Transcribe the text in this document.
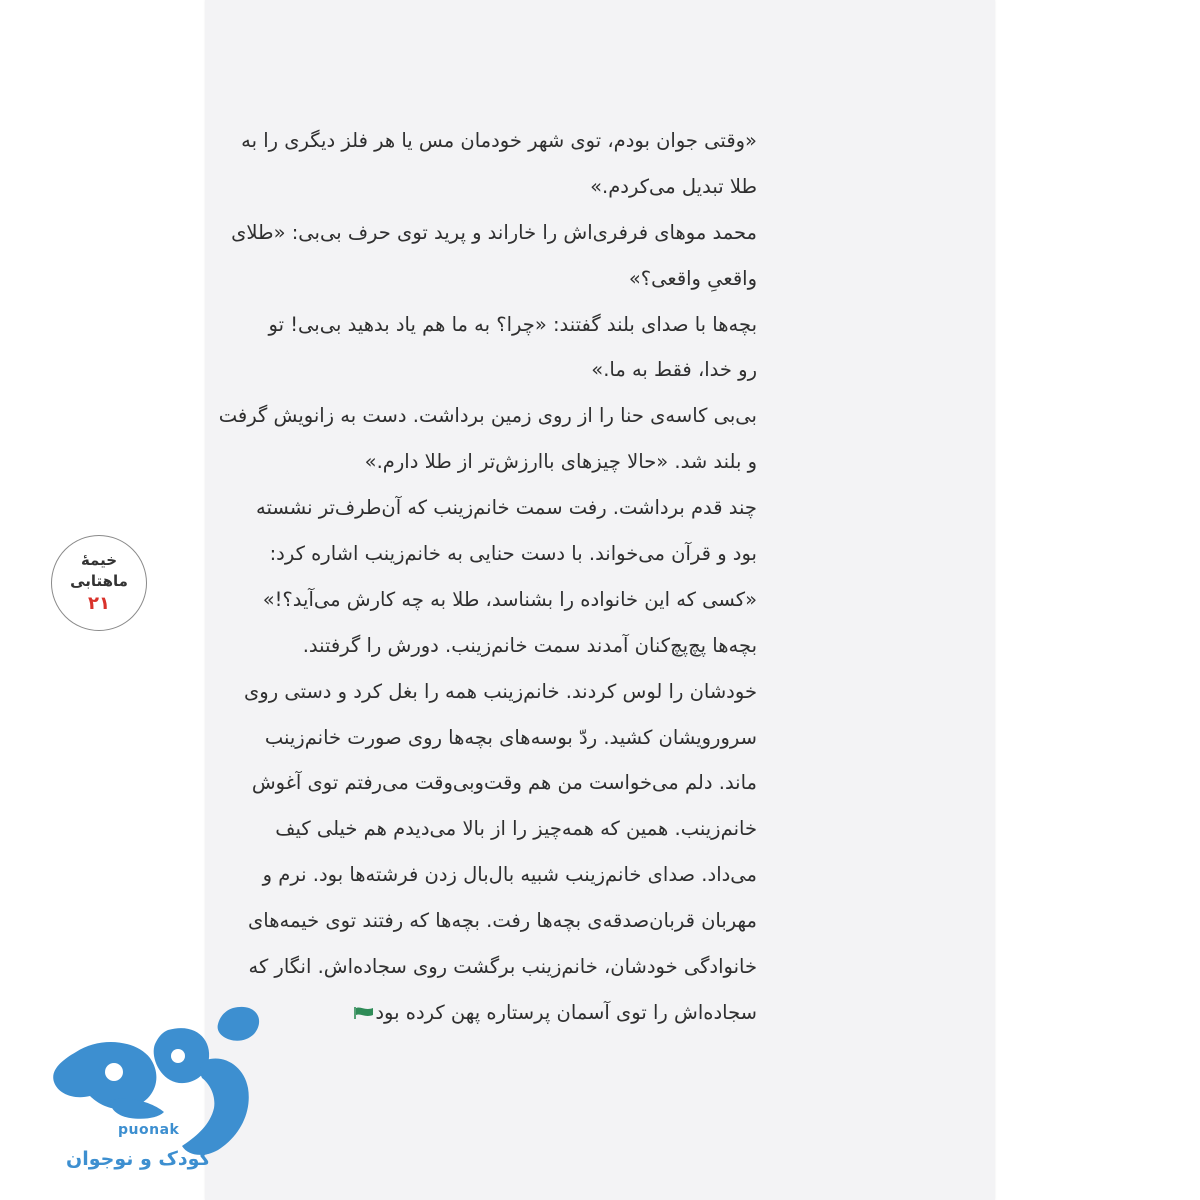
«وقتی جوان بودم، توی شهر خودمان مس یا هر فلز دیگری را به
طلا تبدیل می‌کردم.»
محمد موهای فرفری‌اش را خاراند و پرید توی حرف بی‌بی: «طلای
واقعیِ واقعی؟»
بچه‌ها با صدای بلند گفتند: «چرا؟ به ما هم یاد بدهید بی‌بی! تو
رو خدا، فقط به ما.»
بی‌بی کاسه‌ی حنا را از روی زمین برداشت. دست به زانویش گرفت
و بلند شد. «حالا چیزهای باارزش‌تر از طلا دارم.»
چند قدم برداشت. رفت سمت خانم‌زینب که آن‌طرف‌تر نشسته
بود و قرآن می‌خواند. با دست حنایی به خانم‌زینب اشاره کرد:
«کسی که این خانواده را بشناسد، طلا به چه کارش می‌آید؟!»
بچه‌ها پچ‌پچ‌کنان آمدند سمت خانم‌زینب. دورش را گرفتند.
خودشان را لوس کردند. خانم‌زینب همه را بغل کرد و دستی روی
سرورویشان کشید. ردّ بوسه‌های بچه‌ها روی صورت خانم‌زینب
ماند. دلم می‌خواست من هم وقت‌وبی‌وقت می‌رفتم توی آغوش
خانم‌زینب. همین که همه‌چیز را از بالا می‌دیدم هم خیلی کیف
می‌داد. صدای خانم‌زینب شبیه بال‌بال زدن فرشته‌ها بود. نرم و
مهربان قربان‌صدقه‌ی بچه‌ها رفت. بچه‌ها که رفتند توی خیمه‌های
خانوادگی خودشان، خانم‌زینب برگشت روی سجاده‌اش. انگار که
سجاده‌اش را توی آسمان پرستاره پهن کرده بود
خیمهٔ
ماهتابی
۲۱
puonak
کودک و نوجوان
